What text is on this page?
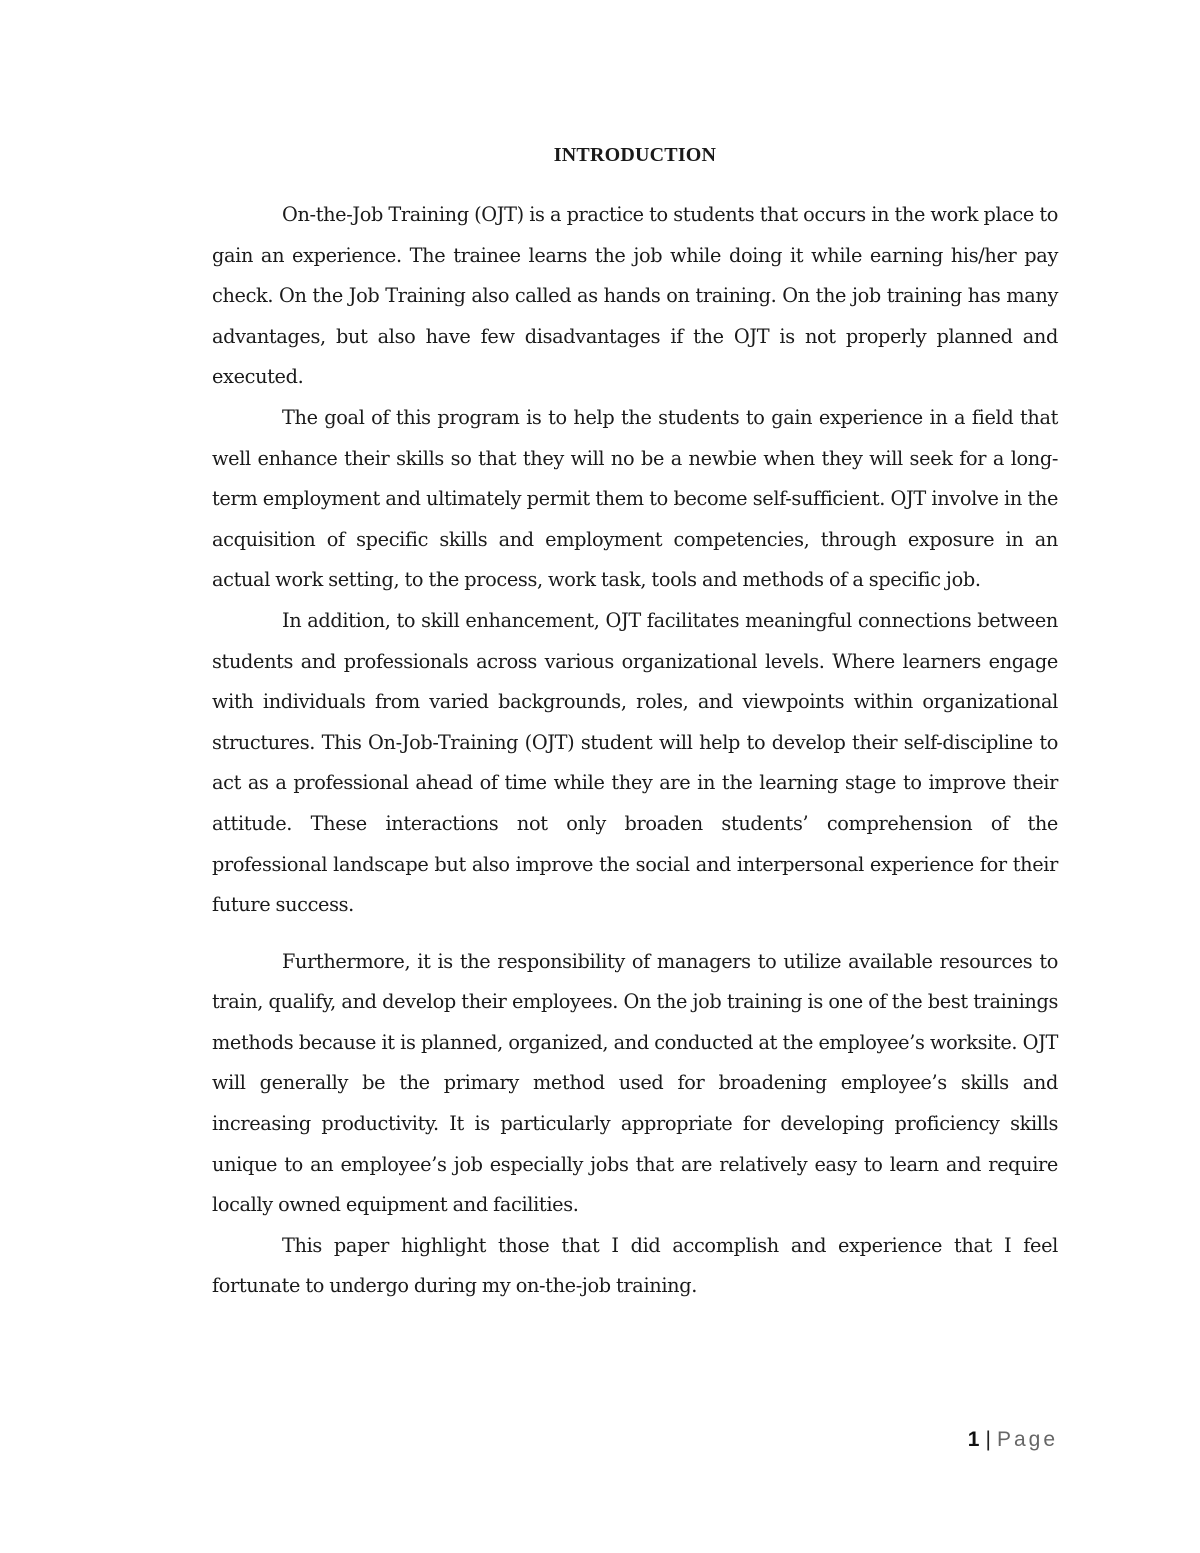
INTRODUCTION

On-the-Job Training (OJT) is a practice to students that occurs in the work place to gain an experience. The trainee learns the job while doing it while earning his/her pay check. On the Job Training also called as hands on training. On the job training has many advantages, but also have few disadvantages if the OJT is not properly planned and executed.

The goal of this program is to help the students to gain experience in a field that well enhance their skills so that they will no be a newbie when they will seek for a long-term employment and ultimately permit them to become self-sufficient. OJT involve in the acquisition of specific skills and employment competencies, through exposure in an actual work setting, to the process, work task, tools and methods of a specific job.

In addition, to skill enhancement, OJT facilitates meaningful connections between students and professionals across various organizational levels. Where learners engage with individuals from varied backgrounds, roles, and viewpoints within organizational structures. This On-Job-Training (OJT) student will help to develop their self-discipline to act as a professional ahead of time while they are in the learning stage to improve their attitude. These interactions not only broaden students’ comprehension of the professional landscape but also improve the social and interpersonal experience for their future success.

Furthermore, it is the responsibility of managers to utilize available resources to train, qualify, and develop their employees. On the job training is one of the best trainings methods because it is planned, organized, and conducted at the employee’s worksite. OJT will generally be the primary method used for broadening employee’s skills and increasing productivity. It is particularly appropriate for developing proficiency skills unique to an employee’s job especially jobs that are relatively easy to learn and require locally owned equipment and facilities.

This paper highlight those that I did accomplish and experience that I feel fortunate to undergo during my on-the-job training.

1 | Page
